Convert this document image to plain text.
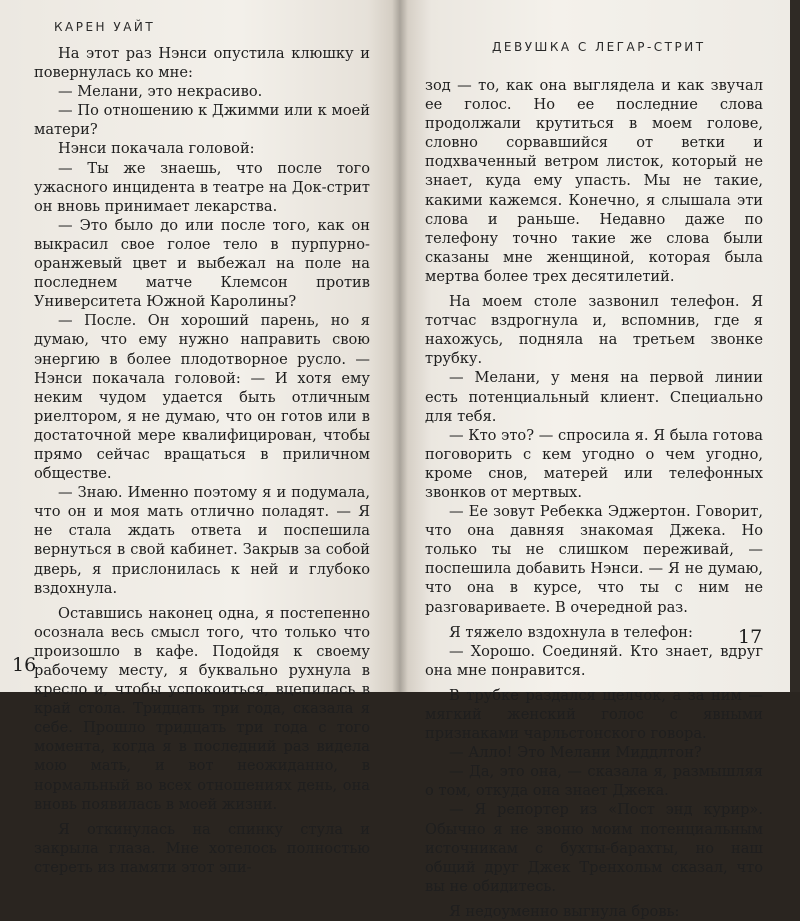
КАРЕН УАЙТ

На этот раз Нэнси опустила клюшку и повернулась ко мне:

— Мелани, это некрасиво.

— По отношению к Джимми или к моей матери?

Нэнси покачала головой:

— Ты же знаешь, что после того ужасного инцидента в театре на Док-стрит он вновь принимает лекарства.

— Это было до или после того, как он выкрасил свое голое тело в пурпурно-оранжевый цвет и выбежал на поле на последнем матче Клемсон против Университета Южной Каролины?

— После. Он хороший парень, но я думаю, что ему нужно направить свою энергию в более плодотворное русло. — Нэнси покачала головой: — И хотя ему неким чудом удается быть отличным риелтором, я не думаю, что он готов или в достаточной мере квалифицирован, чтобы прямо сейчас вращаться в приличном обществе.

— Знаю. Именно поэтому я и подумала, что он и моя мать отлично поладят. — Я не стала ждать ответа и поспешила вернуться в свой кабинет. Закрыв за собой дверь, я прислонилась к ней и глубоко вздохнула.

Оставшись наконец одна, я постепенно осознала весь смысл того, что только что произошло в кафе. Подойдя к своему рабочему месту, я буквально рухнула в кресло и, чтобы успокоиться, вцепилась в край стола. Тридцать три года, сказала я себе. Прошло тридцать три года с того момента, когда я в последний раз видела мою мать, и вот неожиданно, в нормальный во всех отношениях день, она вновь появилась в моей жизни.

Я откинулась на спинку стула и закрыла глаза. Мне хотелось полностью стереть из памяти этот эпи-

16
ДЕВУШКА С ЛЕГАР-СТРИТ

зод — то, как она выглядела и как звучал ее голос. Но ее последние слова продолжали крутиться в моем голове, словно сорвавшийся от ветки и подхваченный ветром листок, который не знает, куда ему упасть. Мы не такие, какими кажемся. Конечно, я слышала эти слова и раньше. Недавно даже по телефону точно такие же слова были сказаны мне женщиной, которая была мертва более трех десятилетий.

На моем столе зазвонил телефон. Я тотчас вздрогнула и, вспомнив, где я нахожусь, подняла на третьем звонке трубку.

— Мелани, у меня на первой линии есть потенциальный клиент. Специально для тебя.

— Кто это? — спросила я. Я была готова поговорить с кем угодно о чем угодно, кроме снов, матерей или телефонных звонков от мертвых.

— Ее зовут Ребекка Эджертон. Говорит, что она давняя знакомая Джека. Но только ты не слишком переживай, — поспешила добавить Нэнси. — Я не думаю, что она в курсе, что ты с ним не разговариваете. В очередной раз.

Я тяжело вздохнула в телефон:

— Хорошо. Соединяй. Кто знает, вдруг она мне понравится.

В трубке раздался щелчок, а за ним — мягкий женский голос с явными признаками чарльстонского говора.

— Алло! Это Мелани Миддлтон?

— Да, это она, — сказала я, размышляя о том, откуда она знает Джека.

— Я репортер из «Пост энд курир». Обычно я не звоню моим потенциальным источникам с бухты-барахты, но наш общий друг Джек Тренхольм сказал, что вы не обидитесь.

Я недоуменно выгнула бровь:

17
